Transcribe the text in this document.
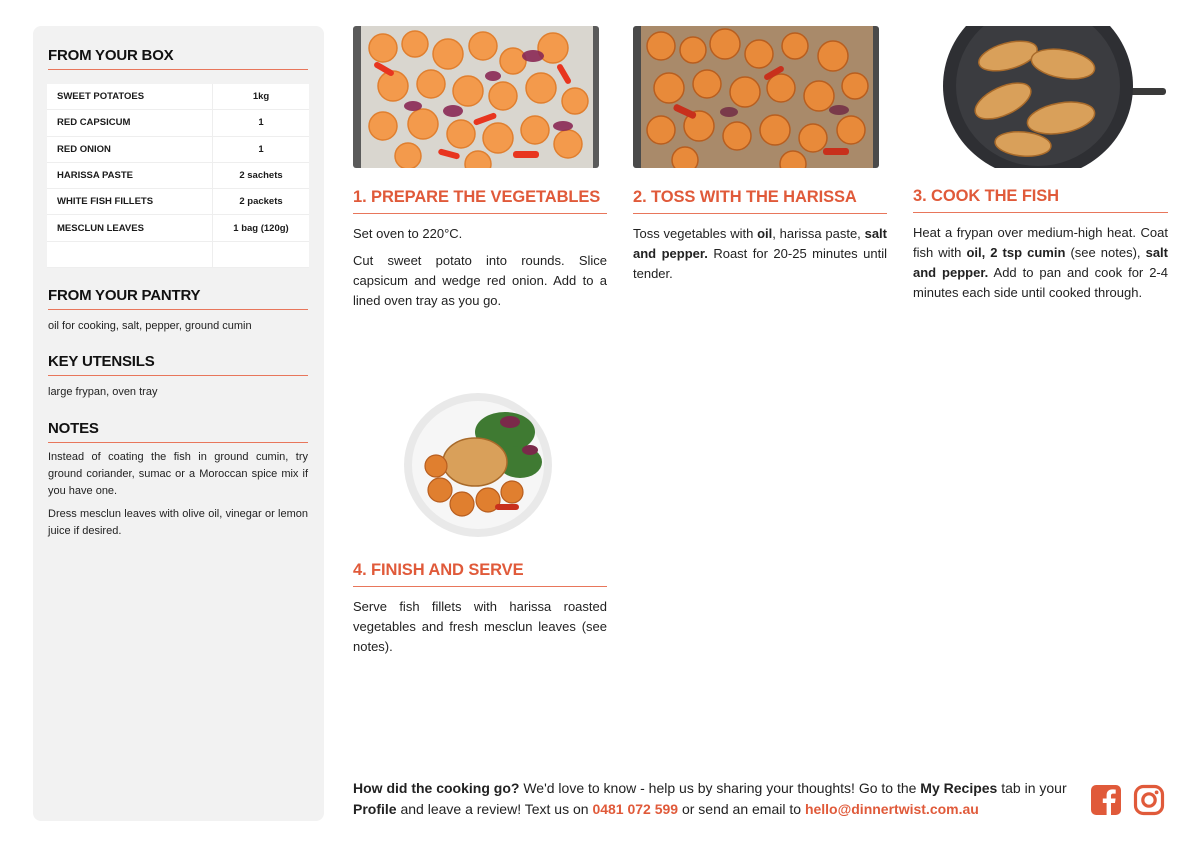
FROM YOUR BOX
SWEET POTATOES	1kg
RED CAPSICUM	1
RED ONION	1
HARISSA PASTE	2 sachets
WHITE FISH FILLETS	2 packets
MESCLUN LEAVES	1 bag (120g)

FROM YOUR PANTRY
oil for cooking, salt, pepper, ground cumin
KEY UTENSILS
large frypan, oven tray
NOTES

Instead of coating the fish in ground cumin, try ground coriander, sumac or a Moroccan spice mix if you have one.

Dress mesclun leaves with olive oil, vinegar or lemon juice if desired.

1. PREPARE THE VEGETABLES

Set oven to 220°C.

Cut sweet potato into rounds. Slice capsicum and wedge red onion. Add to a lined oven tray as you go.

2. TOSS WITH THE HARISSA

Toss vegetables with oil, harissa paste, salt and pepper. Roast for 20-25 minutes until tender.

3. COOK THE FISH

Heat a frypan over medium-high heat. Coat fish with oil, 2 tsp cumin (see notes), salt and pepper. Add to pan and cook for 2-4 minutes each side until cooked through.

4. FINISH AND SERVE

Serve fish fillets with harissa roasted vegetables and fresh mesclun leaves (see notes).

How did the cooking go? We'd love to know - help us by sharing your thoughts! Go to the My Recipes tab in your Profile and leave a review! Text us on 0481 072 599 or send an email to hello@dinnertwist.com.au
